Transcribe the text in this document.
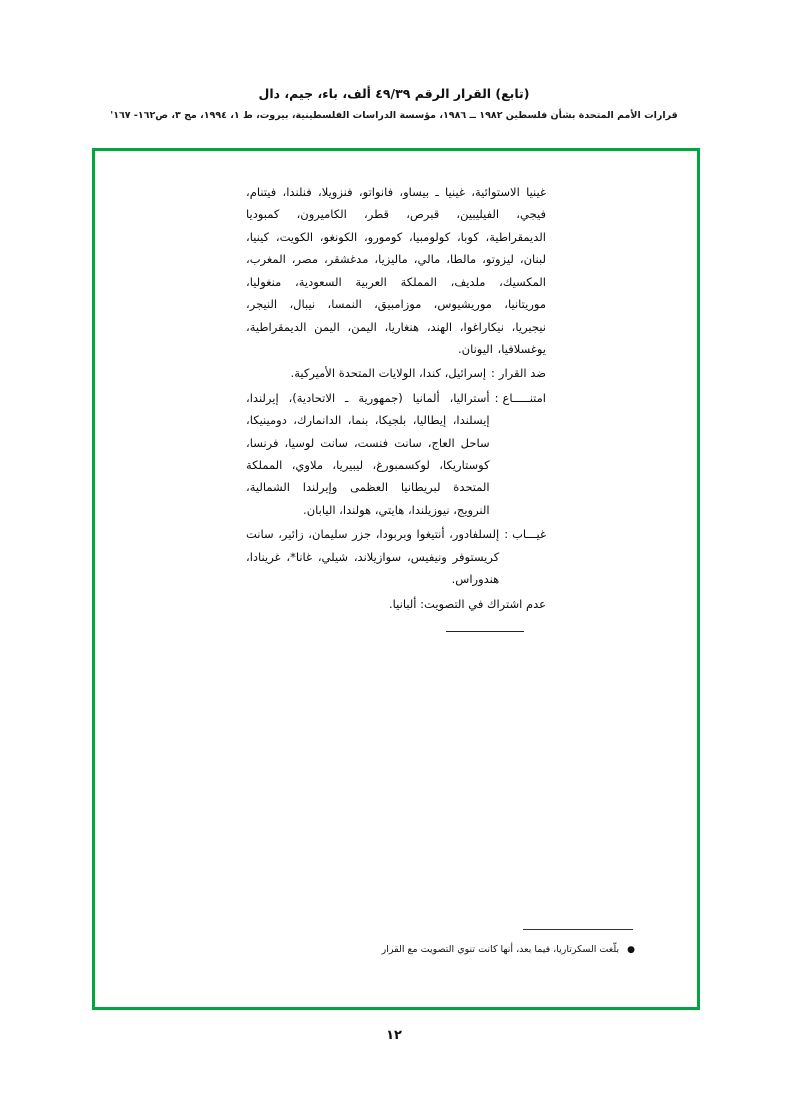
(تابع) القرار الرقم ٤٩/٣٩ ألف، باء، جيم، دال
قرارات الأمم المتحدة بشأن فلسطين ١٩٨٢ ــ ١٩٨٦، مؤسسة الدراسات الفلسطينية، بيروت، ط ١، ١٩٩٤، مج ٣، ص١٦٢- ١٦٧'

غينيا الاستوائية، غينيا ـ بيساو، فانواتو، فنزويلا، فنلندا، فيتنام، فيجي، الفيليبين، قبرص، قطر، الكاميرون، كمبوديا الديمقراطية، كوبا، كولومبيا، كومورو، الكونغو، الكويت، كينيا، لبنان، ليزوتو، مالطا، مالي، ماليزيا، مدغشقر، مصر، المغرب، المكسيك، ملديف، المملكة العربية السعودية، منغوليا، موريتانيا، موريشيوس، موزامبيق، النمسا، نيبال، النيجر، نيجيريا، نيكاراغوا، الهند، هنغاريا، اليمن، اليمن الديمقراطية، يوغسلافيا، اليونان.

ضد القرار
:
إسرائيل، كندا، الولايات المتحدة الأميركية.
امتنـــــاع
:
أستراليا، ألمانيا (جمهورية ـ الاتحادية)، إيرلندا، إيسلندا، إيطاليا، بلجيكا، بنما، الدانمارك، دومينيكا، ساحل العاج، سانت فنست، سانت لوسيا، فرنسا، كوستاريكا، لوكسمبورغ، ليبيريا، ملاوي، المملكة المتحدة لبريطانيا العظمى وإيرلندا الشمالية، النرويج، نيوزيلندا، هايتي، هولندا، اليابان.
غيـــاب
:
إلسلفادور، أنتيغوا وبربودا، جزر سليمان، زائير، سانت كريستوفر ونيفيس، سوازيلاند، شيلي، غانا*، غرينادا، هندوراس.
عدم اشتراك في التصويت: ألبانيا.
●
بلّغت السكرتاريا، فيما بعد، أنها كانت تنوي التصويت مع القرار
١٢
